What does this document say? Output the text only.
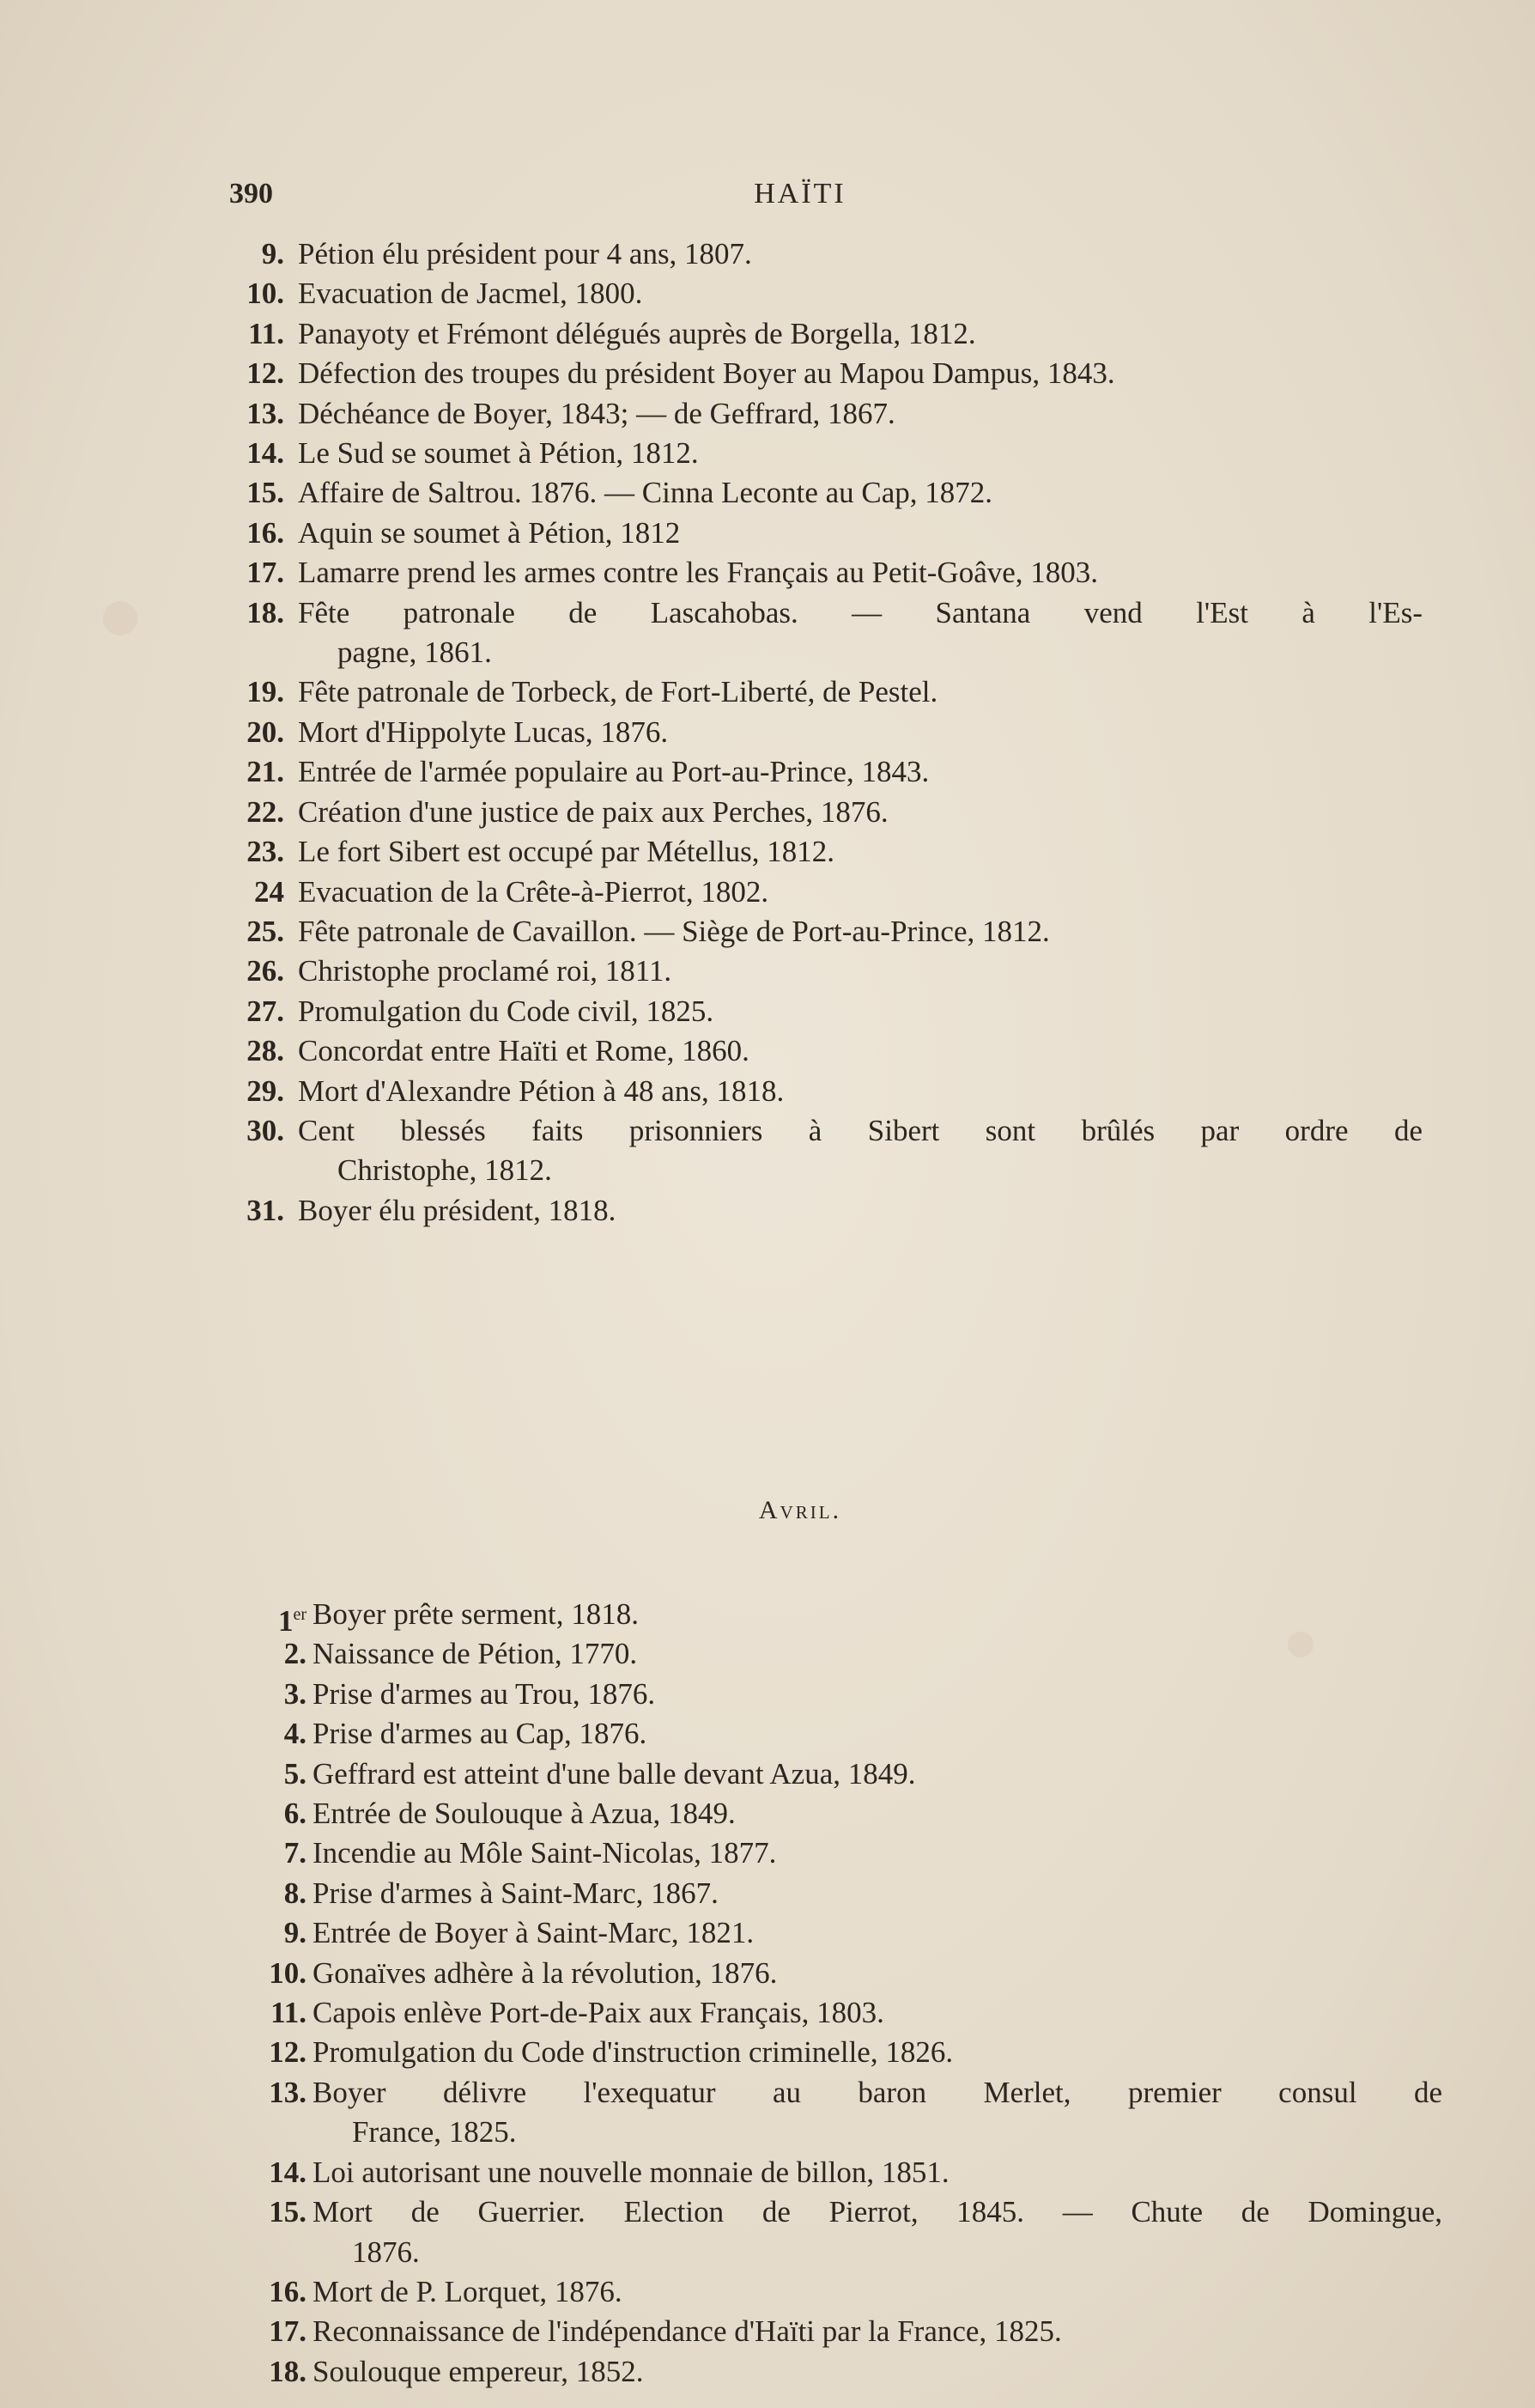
390	HAÏTI
9. Pétion élu président pour 4 ans, 1807.
10. Evacuation de Jacmel, 1800.
11. Panayoty et Frémont délégués auprès de Borgella, 1812.
12. Défection des troupes du président Boyer au Mapou Dampus, 1843.
13. Déchéance de Boyer, 1843; — de Geffrard, 1867.
14. Le Sud se soumet à Pétion, 1812.
15. Affaire de Saltrou. 1876. — Cinna Leconte au Cap, 1872.
16. Aquin se soumet à Pétion, 1812
17. Lamarre prend les armes contre les Français au Petit-Goâve, 1803.
18. Fête patronale de Lascahobas. — Santana vend l'Est à l'Es-
pagne, 1861.
19. Fête patronale de Torbeck, de Fort-Liberté, de Pestel.
20. Mort d'Hippolyte Lucas, 1876.
21. Entrée de l'armée populaire au Port-au-Prince, 1843.
22. Création d'une justice de paix aux Perches, 1876.
23. Le fort Sibert est occupé par Métellus, 1812.
24 Evacuation de la Crête-à-Pierrot, 1802.
25. Fête patronale de Cavaillon. — Siège de Port-au-Prince, 1812.
26. Christophe proclamé roi, 1811.
27. Promulgation du Code civil, 1825.
28. Concordat entre Haïti et Rome, 1860.
29. Mort d'Alexandre Pétion à 48 ans, 1818.
30. Cent blessés faits prisonniers à Sibert sont brûlés par ordre de
Christophe, 1812.
31. Boyer élu président, 1818.
Avril.
1er Boyer prête serment, 1818.
2. Naissance de Pétion, 1770.
3. Prise d'armes au Trou, 1876.
4. Prise d'armes au Cap, 1876.
5. Geffrard est atteint d'une balle devant Azua, 1849.
6. Entrée de Soulouque à Azua, 1849.
7. Incendie au Môle Saint-Nicolas, 1877.
8. Prise d'armes à Saint-Marc, 1867.
9. Entrée de Boyer à Saint-Marc, 1821.
10. Gonaïves adhère à la révolution, 1876.
11. Capois enlève Port-de-Paix aux Français, 1803.
12. Promulgation du Code d'instruction criminelle, 1826.
13. Boyer délivre l'exequatur au baron Merlet, premier consul de
France, 1825.
14. Loi autorisant une nouvelle monnaie de billon, 1851.
15. Mort de Guerrier. Election de Pierrot, 1845. — Chute de Domingue,
1876.
16. Mort de P. Lorquet, 1876.
17. Reconnaissance de l'indépendance d'Haïti par la France, 1825.
18. Soulouque empereur, 1852.
